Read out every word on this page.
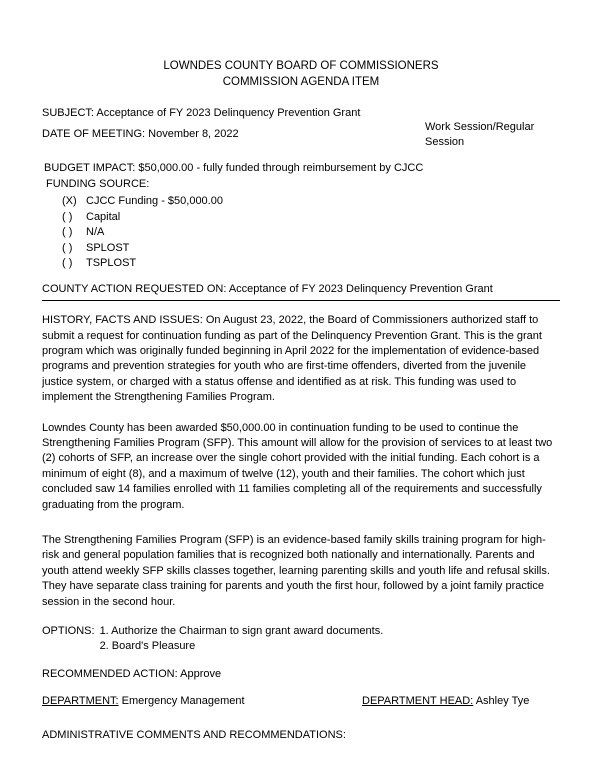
LOWNDES COUNTY BOARD OF COMMISSIONERS
COMMISSION AGENDA ITEM
SUBJECT: Acceptance of FY 2023 Delinquency Prevention Grant
DATE OF MEETING: November 8, 2022
Work Session/Regular Session
BUDGET IMPACT: $50,000.00 - fully funded through reimbursement by CJCC
FUNDING SOURCE:
(X) CJCC Funding - $50,000.00
( ) Capital
( ) N/A
( ) SPLOST
( ) TSPLOST
COUNTY ACTION REQUESTED ON: Acceptance of FY 2023 Delinquency Prevention Grant

HISTORY, FACTS AND ISSUES: On August 23, 2022, the Board of Commissioners authorized staff to submit a request for continuation funding as part of the Delinquency Prevention Grant. This is the grant program which was originally funded beginning in April 2022 for the implementation of evidence-based programs and prevention strategies for youth who are first-time offenders, diverted from the juvenile justice system, or charged with a status offense and identified as at risk. This funding was used to implement the Strengthening Families Program.

Lowndes County has been awarded $50,000.00 in continuation funding to be used to continue the Strengthening Families Program (SFP). This amount will allow for the provision of services to at least two (2) cohorts of SFP, an increase over the single cohort provided with the initial funding. Each cohort is a minimum of eight (8), and a maximum of twelve (12), youth and their families. The cohort which just concluded saw 14 families enrolled with 11 families completing all of the requirements and successfully graduating from the program.

The Strengthening Families Program (SFP) is an evidence-based family skills training program for high-risk and general population families that is recognized both nationally and internationally. Parents and youth attend weekly SFP skills classes together, learning parenting skills and youth life and refusal skills. They have separate class training for parents and youth the first hour, followed by a joint family practice session in the second hour.

OPTIONS: 1. Authorize the Chairman to sign grant award documents.
2. Board's Pleasure
RECOMMENDED ACTION: Approve
DEPARTMENT: Emergency Management	DEPARTMENT HEAD: Ashley Tye
ADMINISTRATIVE COMMENTS AND RECOMMENDATIONS:
